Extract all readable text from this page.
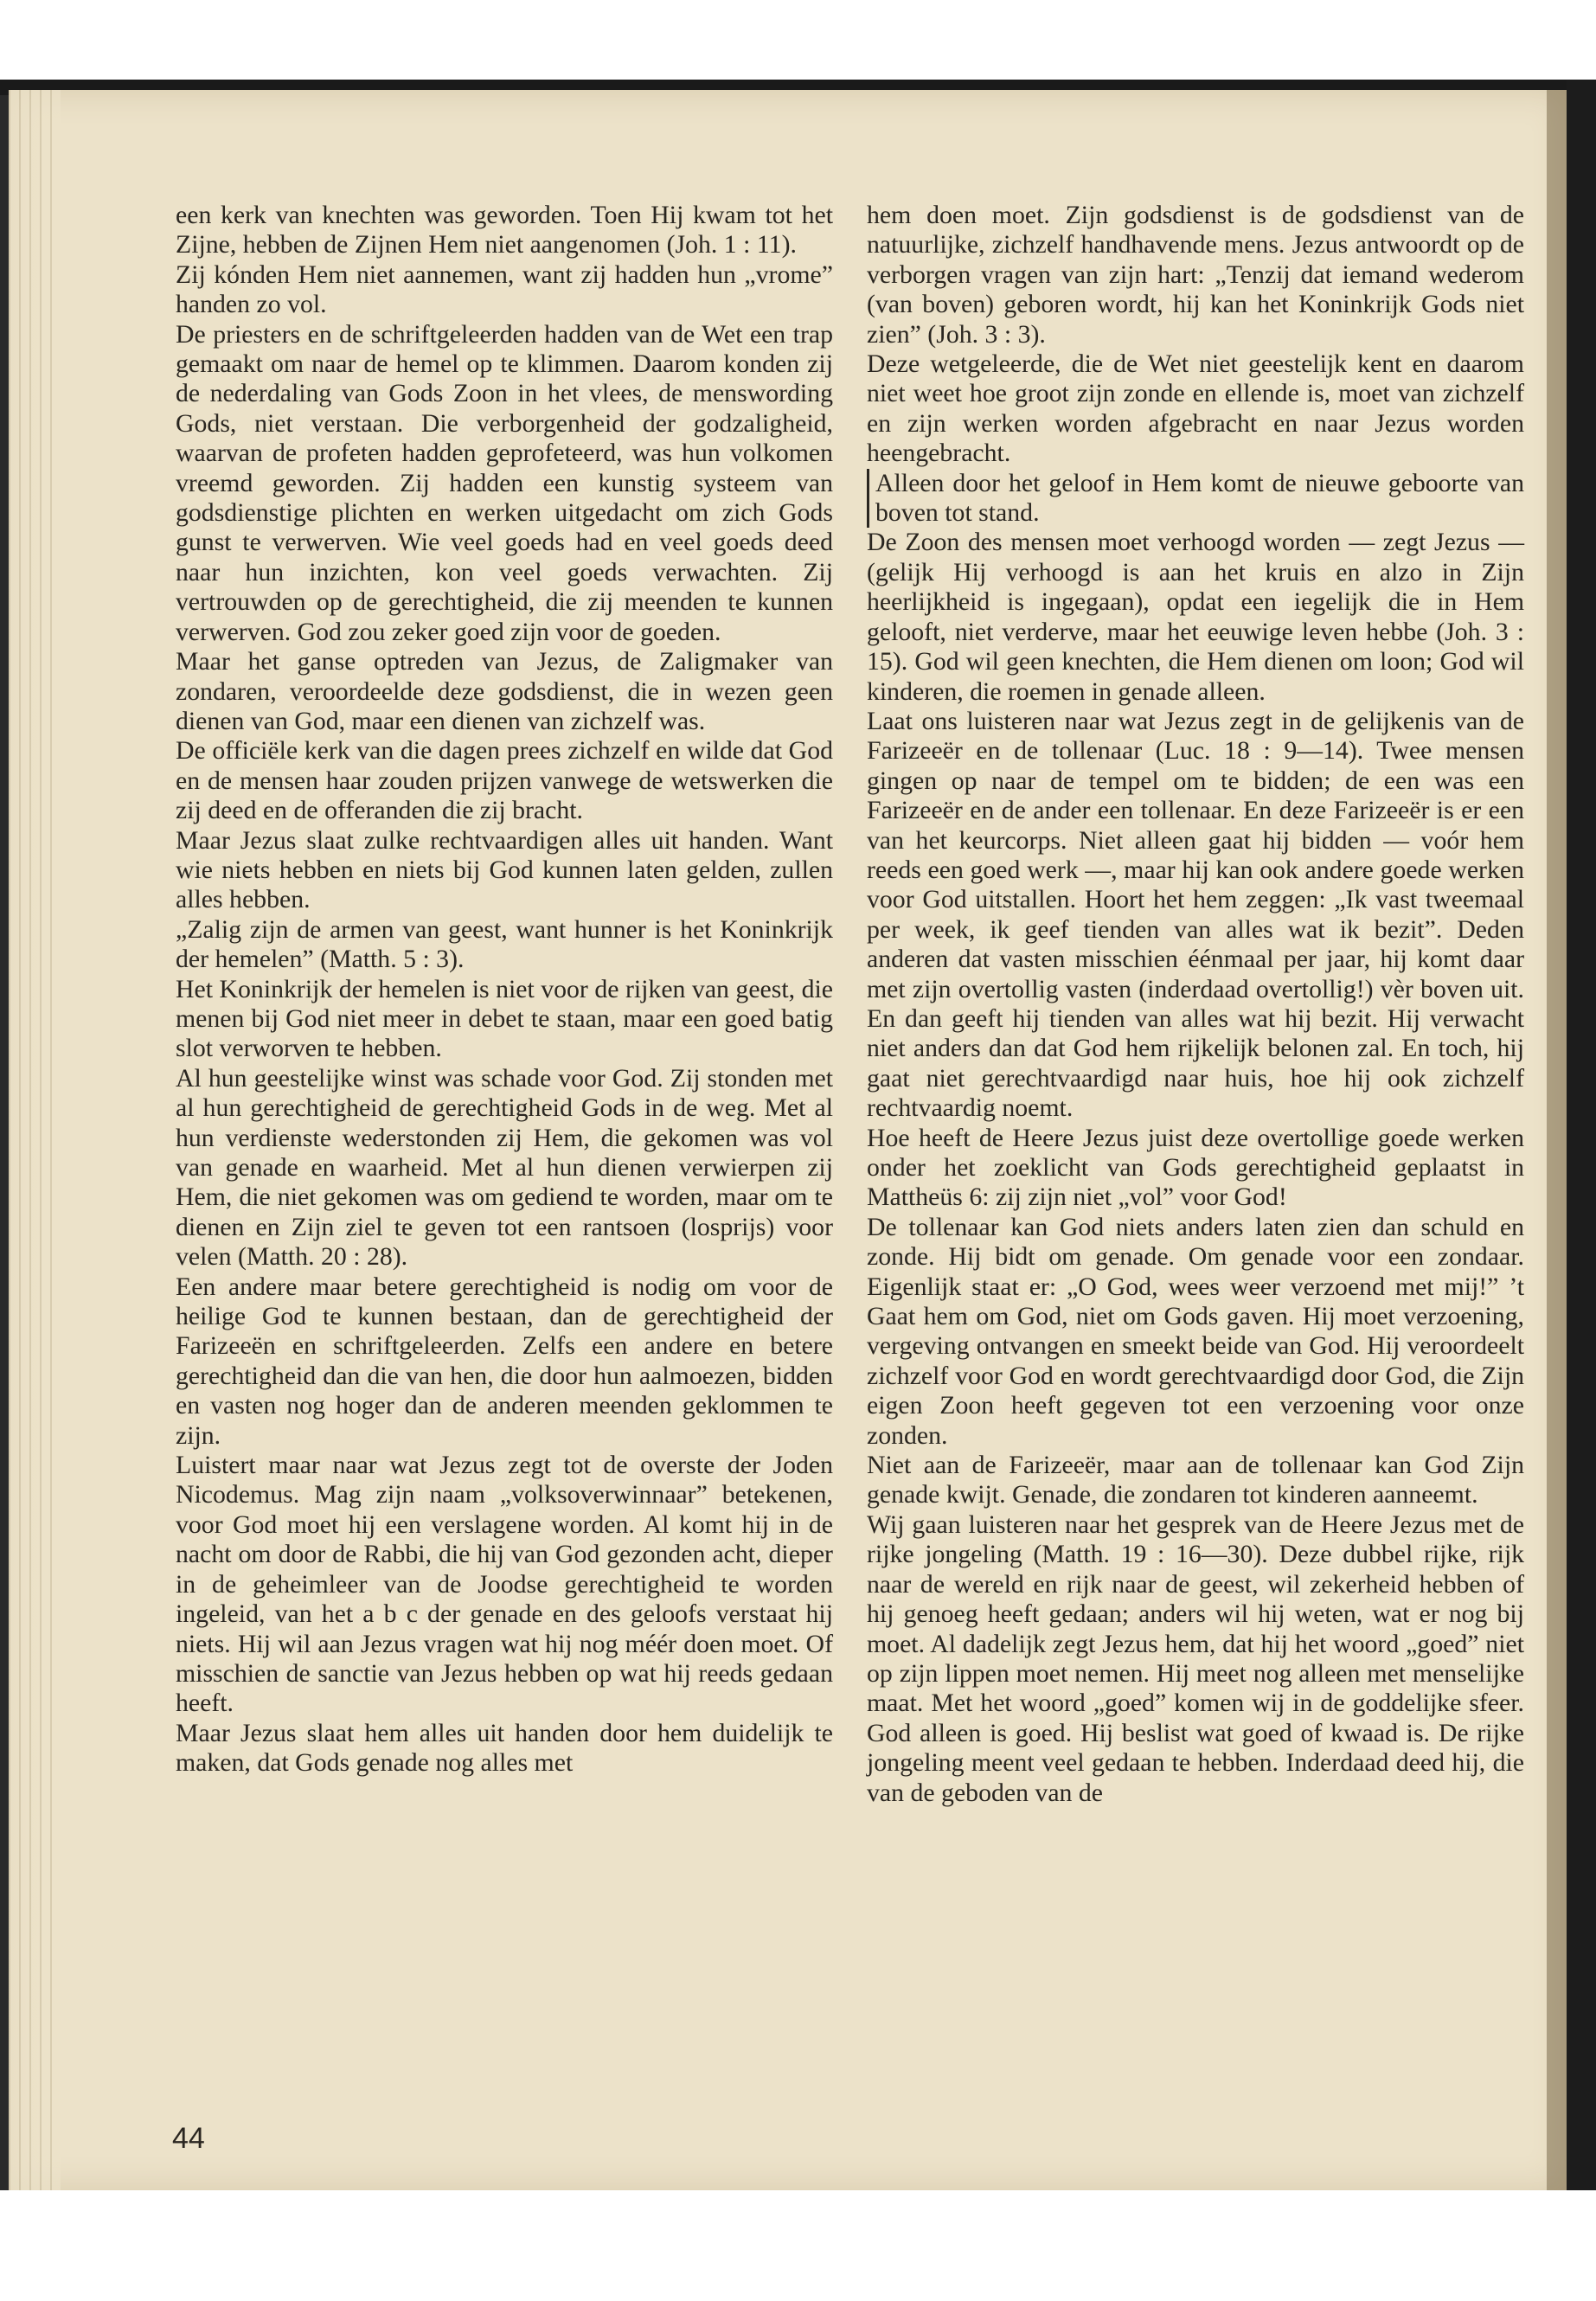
een kerk van knechten was geworden. Toen Hij kwam tot het Zijne, hebben de Zijnen Hem niet aangenomen (Joh. 1 : 11).

Zij kónden Hem niet aannemen, want zij hadden hun „vrome” handen zo vol.

De priesters en de schriftgeleerden hadden van de Wet een trap gemaakt om naar de hemel op te klimmen. Daarom konden zij de nederdaling van Gods Zoon in het vlees, de menswording Gods, niet verstaan. Die verborgenheid der godzaligheid, waarvan de profeten hadden geprofeteerd, was hun volkomen vreemd geworden. Zij hadden een kunstig systeem van godsdienstige plichten en werken uitgedacht om zich Gods gunst te verwerven. Wie veel goeds had en veel goeds deed naar hun inzichten, kon veel goeds verwachten. Zij vertrouwden op de gerechtigheid, die zij meenden te kunnen verwerven. God zou zeker goed zijn voor de goeden.

Maar het ganse optreden van Jezus, de Zaligmaker van zondaren, veroordeelde deze godsdienst, die in wezen geen dienen van God, maar een dienen van zichzelf was.

De officiële kerk van die dagen prees zichzelf en wilde dat God en de mensen haar zouden prijzen vanwege de wetswerken die zij deed en de offeranden die zij bracht.

Maar Jezus slaat zulke rechtvaardigen alles uit handen. Want wie niets hebben en niets bij God kunnen laten gelden, zullen alles hebben.

„Zalig zijn de armen van geest, want hunner is het Koninkrijk der hemelen” (Matth. 5 : 3).

Het Koninkrijk der hemelen is niet voor de rijken van geest, die menen bij God niet meer in debet te staan, maar een goed batig slot verworven te hebben.

Al hun geestelijke winst was schade voor God. Zij stonden met al hun gerechtigheid de gerechtigheid Gods in de weg. Met al hun verdienste wederstonden zij Hem, die gekomen was vol van genade en waarheid. Met al hun dienen verwierpen zij Hem, die niet gekomen was om gediend te worden, maar om te dienen en Zijn ziel te geven tot een rantsoen (losprijs) voor velen (Matth. 20 : 28).

Een andere maar betere gerechtigheid is nodig om voor de heilige God te kunnen bestaan, dan de gerechtigheid der Farizeeën en schriftgeleerden. Zelfs een andere en betere gerechtigheid dan die van hen, die door hun aalmoezen, bidden en vasten nog hoger dan de anderen meenden geklommen te zijn.

Luistert maar naar wat Jezus zegt tot de overste der Joden Nicodemus. Mag zijn naam „volksoverwinnaar” betekenen, voor God moet hij een verslagene worden. Al komt hij in de nacht om door de Rabbi, die hij van God gezonden acht, dieper in de geheimleer van de Joodse gerechtigheid te worden ingeleid, van het a b c der genade en des geloofs verstaat hij niets. Hij wil aan Jezus vragen wat hij nog méér doen moet. Of misschien de sanctie van Jezus hebben op wat hij reeds gedaan heeft.

Maar Jezus slaat hem alles uit handen door hem duidelijk te maken, dat Gods genade nog alles met

hem doen moet. Zijn godsdienst is de godsdienst van de natuurlijke, zichzelf handhavende mens. Jezus antwoordt op de verborgen vragen van zijn hart: „Tenzij dat iemand wederom (van boven) geboren wordt, hij kan het Koninkrijk Gods niet zien” (Joh. 3 : 3).

Deze wetgeleerde, die de Wet niet geestelijk kent en daarom niet weet hoe groot zijn zonde en ellende is, moet van zichzelf en zijn werken worden afgebracht en naar Jezus worden heengebracht.

Alleen door het geloof in Hem komt de nieuwe geboorte van boven tot stand.

De Zoon des mensen moet verhoogd worden — zegt Jezus — (gelijk Hij verhoogd is aan het kruis en alzo in Zijn heerlijkheid is ingegaan), opdat een iegelijk die in Hem gelooft, niet verderve, maar het eeuwige leven hebbe (Joh. 3 : 15). God wil geen knechten, die Hem dienen om loon; God wil kinderen, die roemen in genade alleen.

Laat ons luisteren naar wat Jezus zegt in de gelijkenis van de Farizeeër en de tollenaar (Luc. 18 : 9—14). Twee mensen gingen op naar de tempel om te bidden; de een was een Farizeeër en de ander een tollenaar. En deze Farizeeër is er een van het keurcorps. Niet alleen gaat hij bidden — voór hem reeds een goed werk —, maar hij kan ook andere goede werken voor God uitstallen. Hoort het hem zeggen: „Ik vast tweemaal per week, ik geef tienden van alles wat ik bezit”. Deden anderen dat vasten misschien éénmaal per jaar, hij komt daar met zijn overtollig vasten (inderdaad overtollig!) vèr boven uit. En dan geeft hij tienden van alles wat hij bezit. Hij verwacht niet anders dan dat God hem rijkelijk belonen zal. En toch, hij gaat niet gerechtvaardigd naar huis, hoe hij ook zichzelf rechtvaardig noemt.

Hoe heeft de Heere Jezus juist deze overtollige goede werken onder het zoeklicht van Gods gerechtigheid geplaatst in Mattheüs 6: zij zijn niet „vol” voor God!

De tollenaar kan God niets anders laten zien dan schuld en zonde. Hij bidt om genade. Om genade voor een zondaar. Eigenlijk staat er: „O God, wees weer verzoend met mij!” ’t Gaat hem om God, niet om Gods gaven. Hij moet verzoening, vergeving ontvangen en smeekt beide van God. Hij veroordeelt zichzelf voor God en wordt gerechtvaardigd door God, die Zijn eigen Zoon heeft gegeven tot een verzoening voor onze zonden.

Niet aan de Farizeeër, maar aan de tollenaar kan God Zijn genade kwijt. Genade, die zondaren tot kinderen aanneemt.

Wij gaan luisteren naar het gesprek van de Heere Jezus met de rijke jongeling (Matth. 19 : 16—30). Deze dubbel rijke, rijk naar de wereld en rijk naar de geest, wil zekerheid hebben of hij genoeg heeft gedaan; anders wil hij weten, wat er nog bij moet. Al dadelijk zegt Jezus hem, dat hij het woord „goed” niet op zijn lippen moet nemen. Hij meet nog alleen met menselijke maat. Met het woord „goed” komen wij in de goddelijke sfeer. God alleen is goed. Hij beslist wat goed of kwaad is. De rijke jongeling meent veel gedaan te hebben. Inderdaad deed hij, die van de geboden van de

44
